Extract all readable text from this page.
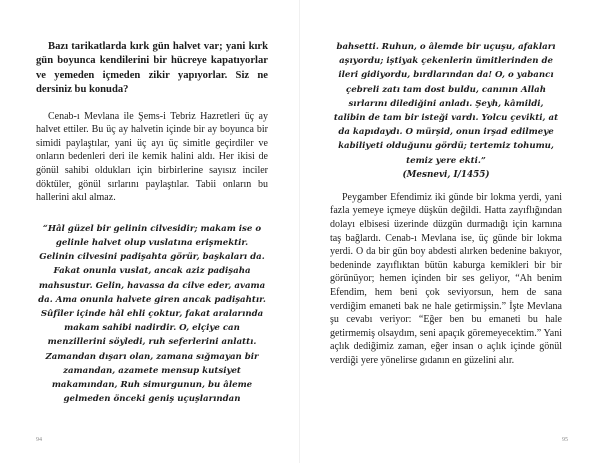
Bazı tarikatlarda kırk gün halvet var; yani kırk gün boyunca kendilerini bir hücreye kapatıyorlar ve yemeden içmeden zikir yapıyorlar. Siz ne dersiniz bu konuda?

Cenab-ı Mevlana ile Şems-i Tebriz Hazretleri üç ay halvet ettiler. Bu üç ay halvetin içinde bir ay boyunca bir simidi paylaştılar, yani üç ayı üç simitle geçirdiler ve onların bedenleri deri ile kemik halini aldı. Her ikisi de gönül sahibi oldukları için birbirlerine sayısız inciler döktüler, gönül sırlarını paylaştılar. Tabii onların bu hallerini akıl almaz.

“Hâl güzel bir gelinin cilvesidir; makam ise o gelinle halvet olup vuslatına erişmektir. Gelinin cilvesini padişahta görür, başkaları da. Fakat onunla vuslat, ancak aziz padişaha mahsustur. Gelin, havassa da cilve eder, avama da. Ama onunla halvete giren ancak padişahtır. Sûfîler içinde hâl ehli çoktur, fakat aralarında makam sahibi nadirdir. O, elçiye can menzillerini söyledi, ruh seferlerini anlattı. Zamandan dışarı olan, zamana sığmayan bir zamandan, azamete mensup kutsiyet makamından, Ruh simurgunun, bu âleme gelmeden önceki geniş uçuşlarından

94

bahsetti. Ruhun, o âlemde bir uçuşu, afakları aşıyordu; iştiyak çekenlerin ümitlerinden de ileri gidiyordu, bırdlarından da! O, o yabancı çebreli zatı tam dost buldu, canının Allah sırlarını dilediğini anladı. Şeyh, kâmildi, talibin de tam bir isteği vardı. Yolcu çevikti, at da kapıdaydı. O mürşid, onun irşad edilmeye kabiliyeti olduğunu gördü; tertemiz tohumu, temiz yere ekti.”

(Mesnevi, I/1455)

Peygamber Efendimiz iki günde bir lokma yerdi, yani fazla yemeye içmeye düşkün değildi. Hatta zayıflığından dolayı elbisesi üzerinde düzgün durmadığı için karnına taş bağlardı. Cenab-ı Mevlana ise, üç günde bir lokma yerdi. O da bir gün boy abdesti alırken bedenine bakıyor, bedeninde zayıflıktan bütün kaburga kemikleri bir bir görünüyor; hemen içinden bir ses geliyor, “Ah benim Efendim, hem beni çok seviyorsun, hem de sana verdiğim emaneti bak ne hale getirmişsin.” İşte Mevlana şu cevabı veriyor: “Eğer ben bu emaneti bu hale getirmemiş olsaydım, seni apaçık göremeyecektim.” Yani açlık dediğimiz zaman, eğer insan o açlık içinde gönül verdiği yere yönelirse gıdanın en güzelini alır.

95
